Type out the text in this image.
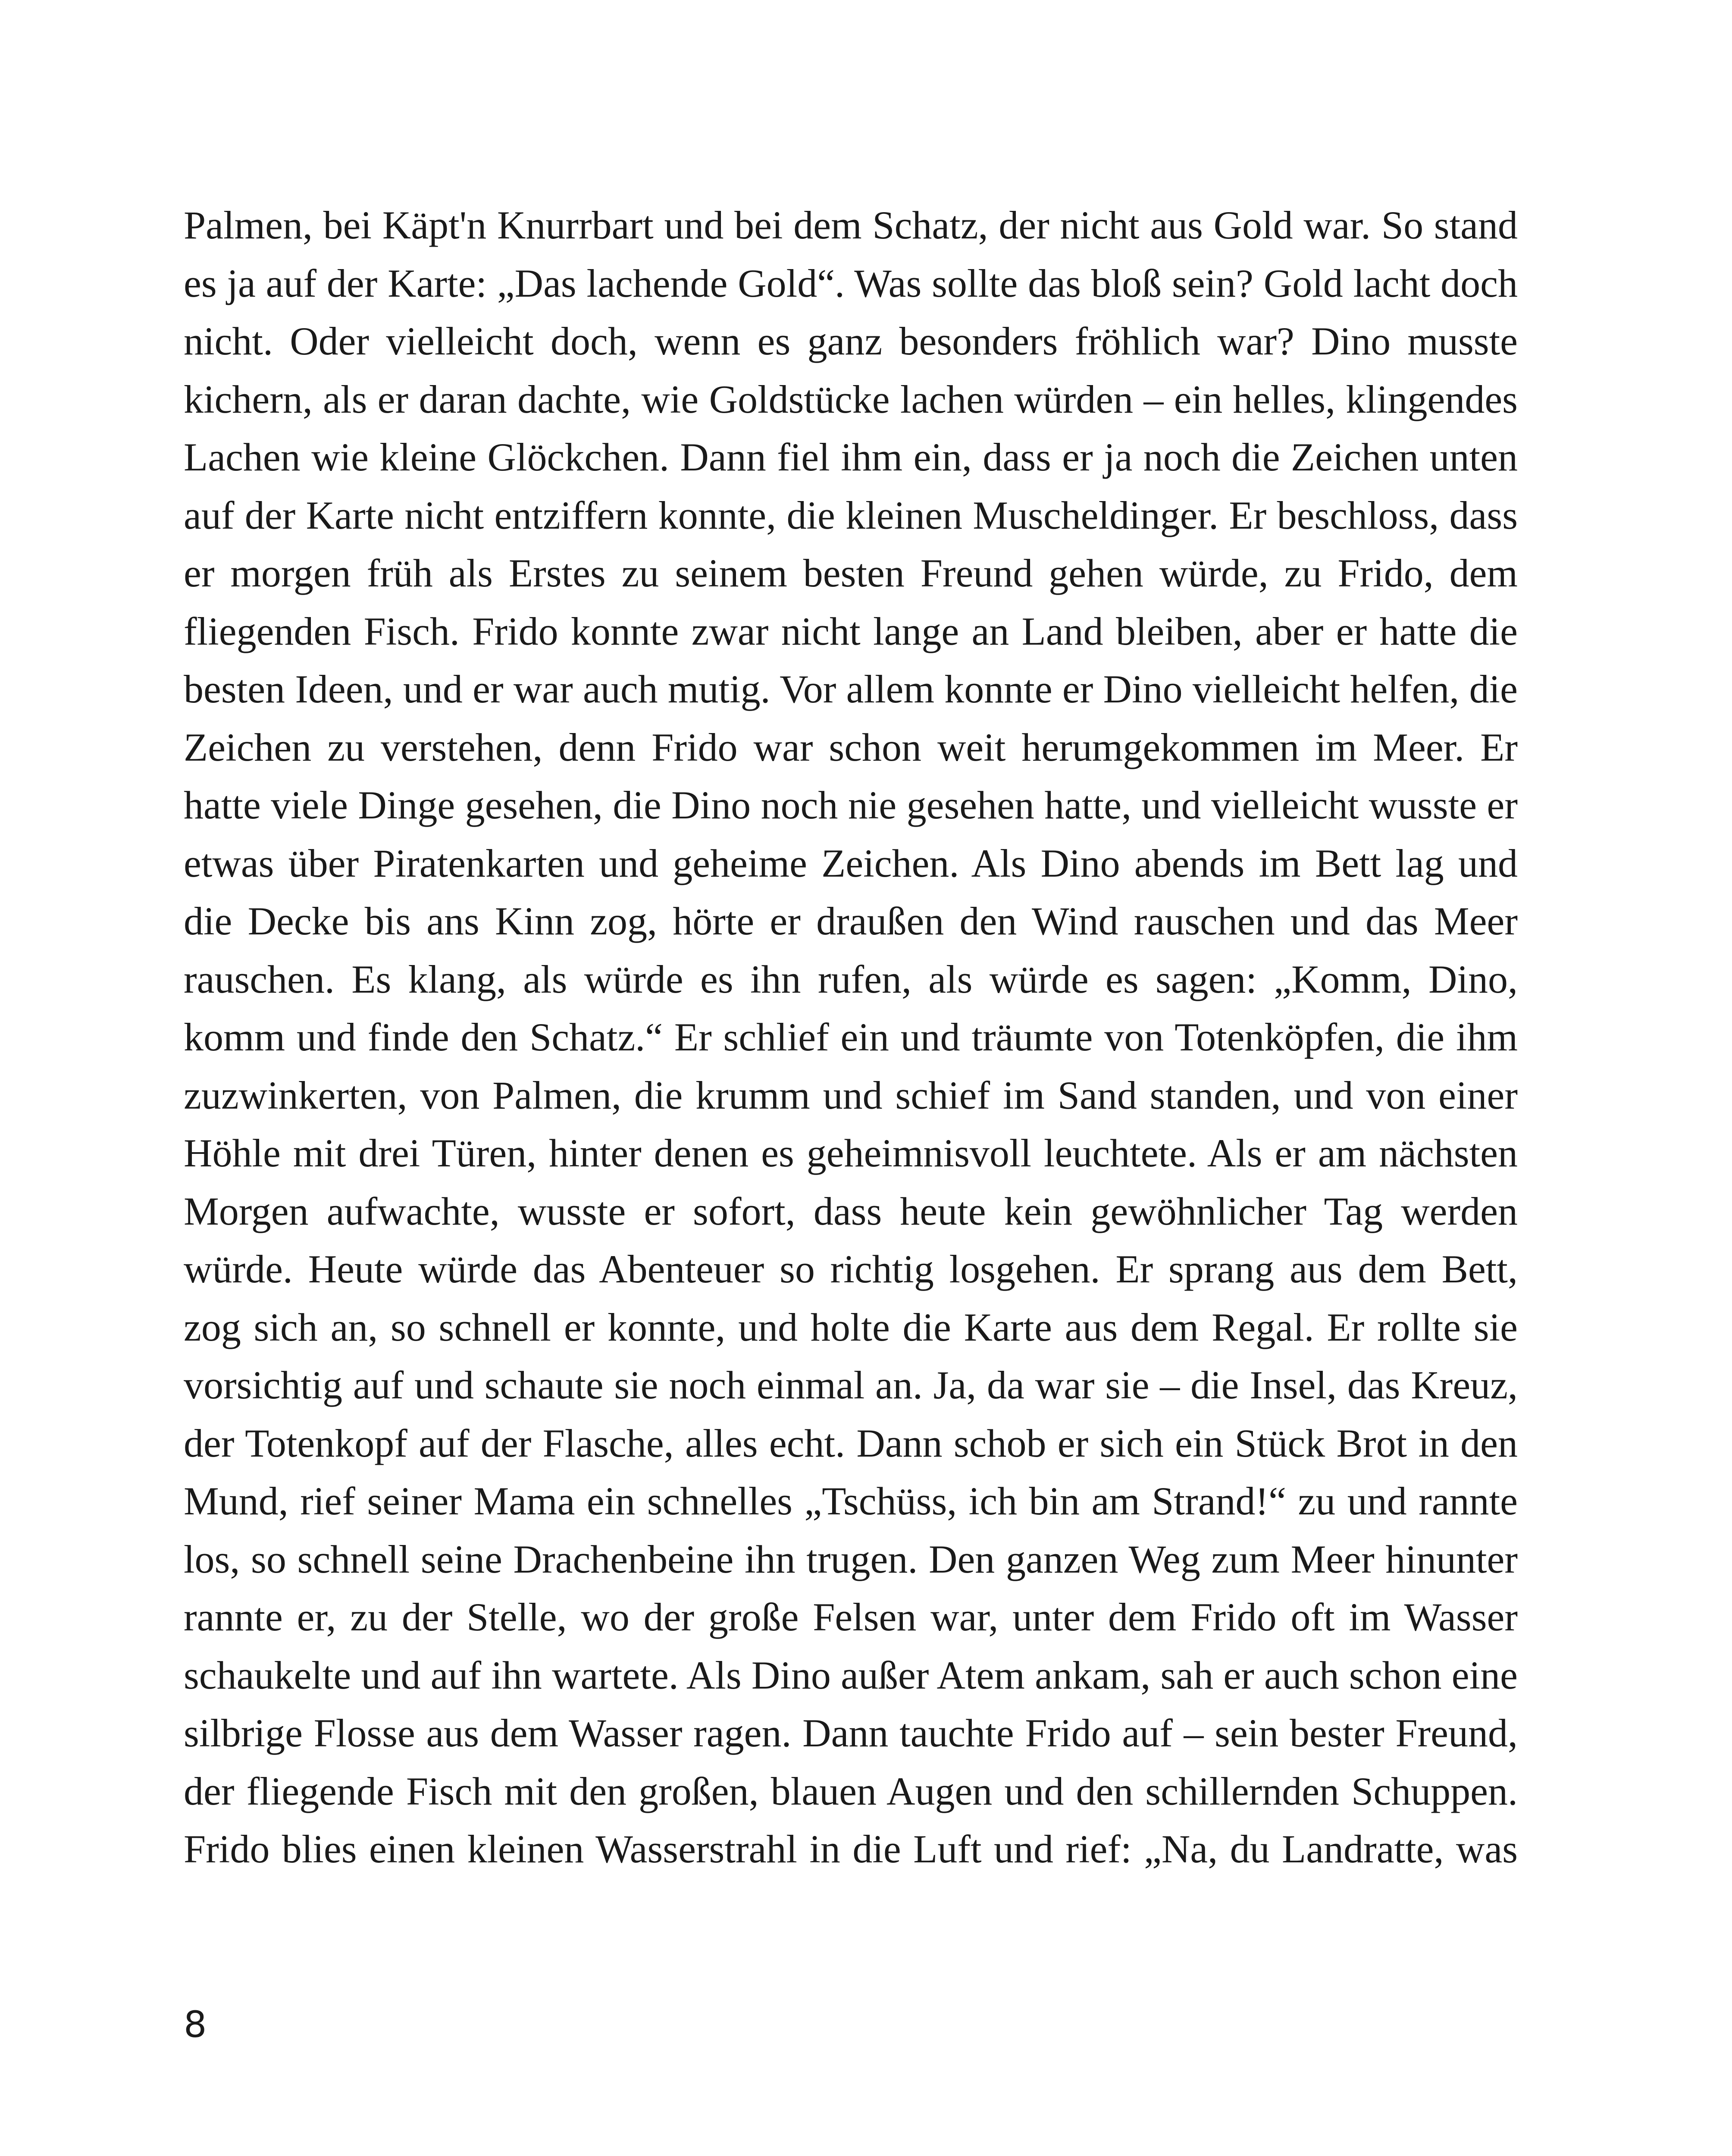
Palmen, bei Käpt'n Knurrbart und bei dem Schatz, der nicht aus Gold war. So stand es ja auf der Karte: „Das lachende Gold“. Was sollte das bloß sein? Gold lacht doch nicht. Oder vielleicht doch, wenn es ganz besonders fröhlich war? Dino musste kichern, als er daran dachte, wie Goldstücke lachen würden – ein helles, klingendes Lachen wie kleine Glöckchen. Dann fiel ihm ein, dass er ja noch die Zeichen unten auf der Karte nicht entziffern konnte, die kleinen Muscheldinger. Er beschloss, dass er morgen früh als Erstes zu seinem besten Freund gehen würde, zu Frido, dem fliegenden Fisch. Frido konnte zwar nicht lange an Land bleiben, aber er hatte die besten Ideen, und er war auch mutig. Vor allem konnte er Dino vielleicht helfen, die Zeichen zu verstehen, denn Frido war schon weit herumgekommen im Meer. Er hatte viele Dinge gesehen, die Dino noch nie gesehen hatte, und vielleicht wusste er etwas über Piratenkarten und geheime Zeichen. Als Dino abends im Bett lag und die Decke bis ans Kinn zog, hörte er draußen den Wind rauschen und das Meer rauschen. Es klang, als würde es ihn rufen, als würde es sagen: „Komm, Dino, komm und finde den Schatz.“ Er schlief ein und träumte von Totenköpfen, die ihm zuzwinkerten, von Palmen, die krumm und schief im Sand standen, und von einer Höhle mit drei Türen, hinter denen es geheimnisvoll leuchtete. Als er am nächsten Morgen aufwachte, wusste er sofort, dass heute kein gewöhnlicher Tag werden würde. Heute würde das Abenteuer so richtig losgehen. Er sprang aus dem Bett, zog sich an, so schnell er konnte, und holte die Karte aus dem Regal. Er rollte sie vorsichtig auf und schaute sie noch einmal an. Ja, da war sie – die Insel, das Kreuz, der Totenkopf auf der Flasche, alles echt. Dann schob er sich ein Stück Brot in den Mund, rief seiner Mama ein schnelles „Tschüss, ich bin am Strand!“ zu und rannte los, so schnell seine Drachenbeine ihn trugen. Den ganzen Weg zum Meer hinunter rannte er, zu der Stelle, wo der große Felsen war, unter dem Frido oft im Wasser schaukelte und auf ihn wartete. Als Dino außer Atem ankam, sah er auch schon eine silbrige Flosse aus dem Wasser ragen. Dann tauchte Frido auf – sein bester Freund, der fliegende Fisch mit den großen, blauen Augen und den schillernden Schuppen. Frido blies einen kleinen Wasserstrahl in die Luft und rief: „Na, du Landratte, was

8
